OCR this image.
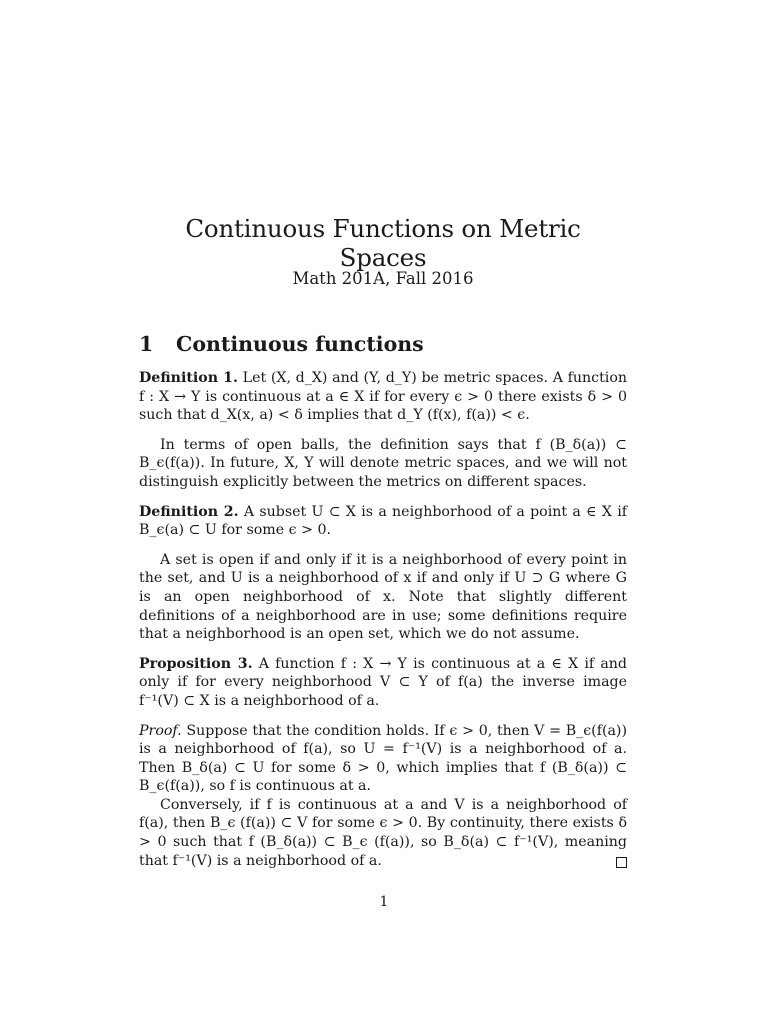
Continuous Functions on Metric Spaces
Math 201A, Fall 2016
1 Continuous functions

Definition 1. Let (X, d_X) and (Y, d_Y) be metric spaces. A function f : X → Y is continuous at a ∈ X if for every ϵ > 0 there exists δ > 0 such that d_X(x, a) < δ implies that d_Y (f(x), f(a)) < ϵ.

In terms of open balls, the definition says that f (B_δ(a)) ⊂ B_ϵ(f(a)). In future, X, Y will denote metric spaces, and we will not distinguish explicitly between the metrics on different spaces.

Definition 2. A subset U ⊂ X is a neighborhood of a point a ∈ X if B_ϵ(a) ⊂ U for some ϵ > 0.

A set is open if and only if it is a neighborhood of every point in the set, and U is a neighborhood of x if and only if U ⊃ G where G is an open neighborhood of x. Note that slightly different definitions of a neighborhood are in use; some definitions require that a neighborhood is an open set, which we do not assume.

Proposition 3. A function f : X → Y is continuous at a ∈ X if and only if for every neighborhood V ⊂ Y of f(a) the inverse image f⁻¹(V) ⊂ X is a neighborhood of a.

Proof. Suppose that the condition holds. If ϵ > 0, then V = B_ϵ(f(a)) is a neighborhood of f(a), so U = f⁻¹(V) is a neighborhood of a. Then B_δ(a) ⊂ U for some δ > 0, which implies that f (B_δ(a)) ⊂ B_ϵ(f(a)), so f is continuous at a.

Conversely, if f is continuous at a and V is a neighborhood of f(a), then B_ϵ (f(a)) ⊂ V for some ϵ > 0. By continuity, there exists δ > 0 such that f (B_δ(a)) ⊂ B_ϵ (f(a)), so B_δ(a) ⊂ f⁻¹(V), meaning that f⁻¹(V) is a neighborhood of a.

1
